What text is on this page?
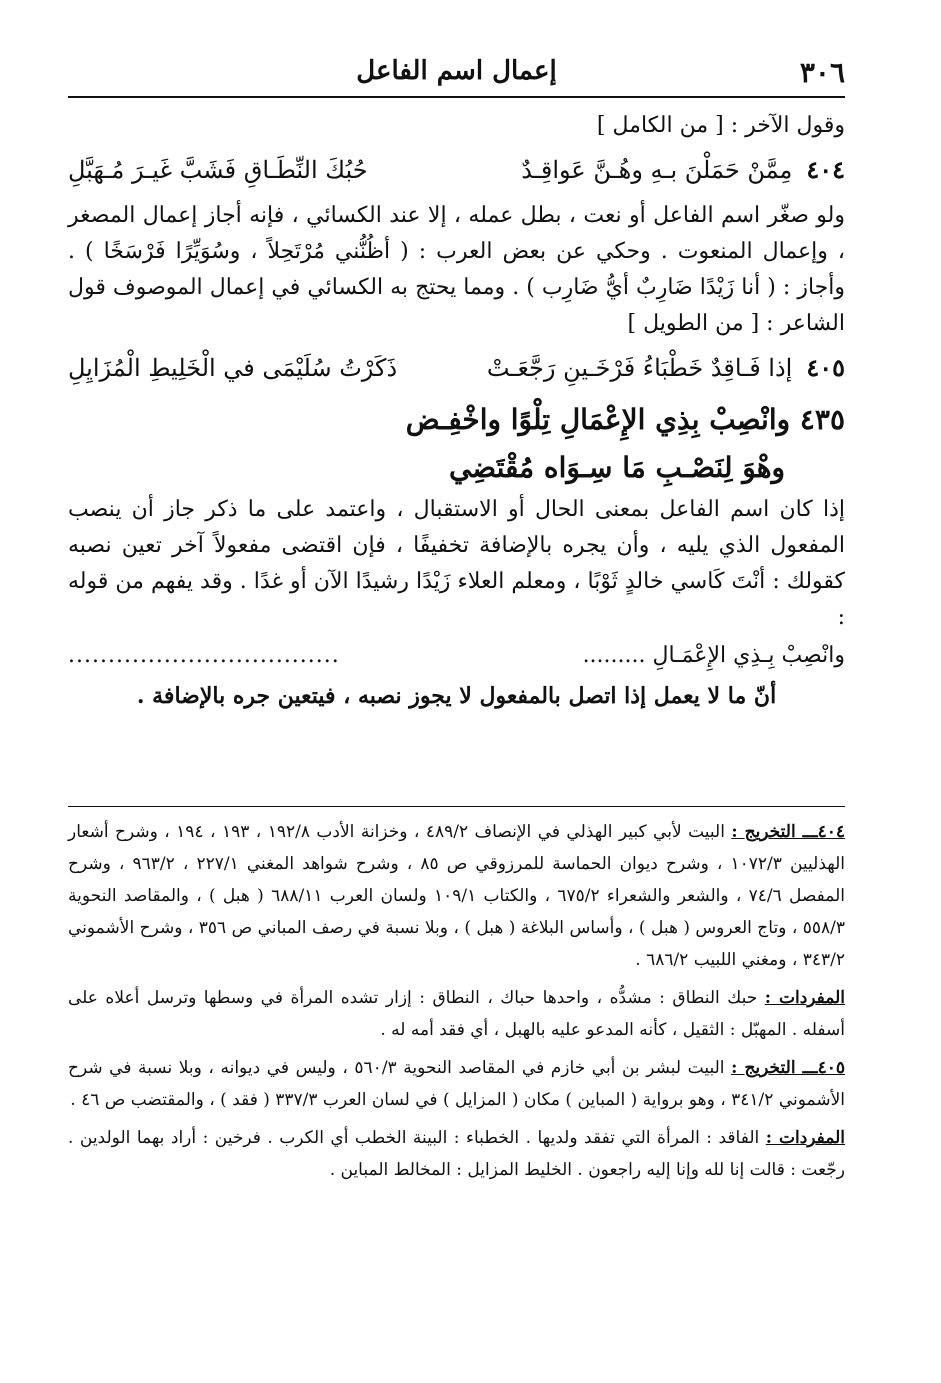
٣٠٦
إعمال اسم الفاعل

وقول الآخر : [ من الكامل ]

٤٠٤
مِمَّنْ حَمَلْنَ بـهِ وهُـنَّ عَواقِـدٌ
حُبُكَ النِّطَـاقِ فَشَبَّ غَيـرَ مُـهَبَّلِ

ولو صغّر اسم الفاعل أو نعت ، بطل عمله ، إلا عند الكسائي ، فإنه أجاز إعمال المصغر ، وإعمال المنعوت . وحكي عن بعض العرب : ( أظُنُّني مُرْتَحِلاً ، وسُوَيِّرًا فَرْسَخًا ) . وأجاز : ( أنا زَيْدًا ضَارِبٌ أيُّ ضَارِب ) . ومما يحتج به الكسائي في إعمال الموصوف قول الشاعر : [ من الطويل ]

٤٠٥
إذا فَـاقِدٌ خَطْبَاءُ فَرْخَـينِ رَجَّعَـتْ
ذَكَرْتُ سُلَيْمَى في الْخَلِيطِ الْمُزَايِلِ

٤٣٥ وانْصِبْ بِذِي الإِعْمَالِ تِلْوًا واخْفِـض

وهْوَ لِنَصْـبِ مَا سِـوَاه مُقْتَضِي

إذا كان اسم الفاعل بمعنى الحال أو الاستقبال ، واعتمد على ما ذكر جاز أن ينصب المفعول الذي يليه ، وأن يجره بالإضافة تخفيفًا ، فإن اقتضى مفعولاً آخر تعين نصبه كقولك : أنْتَ كَاسي خالدٍ ثَوْبًا ، ومعلم العلاء زَيْدًا رشيدًا الآن أو غدًا . وقد يفهم من قوله :

وانْصِبْ بِـذِي الإِعْمَـالِ .........
..................................

أنّ ما لا يعمل إذا اتصل بالمفعول لا يجوز نصبه ، فيتعين جره بالإضافة .

٤٠٤ـــ التخريج : البيت لأبي كبير الهذلي في الإنصاف ٤٨٩/٢ ، وخزانة الأدب ١٩٢/٨ ، ١٩٣ ، ١٩٤ ، وشرح أشعار الهذليين ١٠٧٢/٣ ، وشرح ديوان الحماسة للمرزوقي ص ٨٥ ، وشرح شواهد المغني ٢٢٧/١ ، ٩٦٣/٢ ، وشرح المفصل ٧٤/٦ ، والشعر والشعراء ٦٧٥/٢ ، والكتاب ١٠٩/١ ولسان العرب ٦٨٨/١١ ( هبل ) ، والمقاصد النحوية ٥٥٨/٣ ، وتاج العروس ( هبل ) ، وأساس البلاغة ( هبل ) ، وبلا نسبة في رصف المباني ص ٣٥٦ ، وشرح الأشموني ٣٤٣/٢ ، ومغني اللبيب ٦٨٦/٢ .

المفردات : حبك النطاق : مشدُّه ، واحدها حباك ، النطاق : إزار تشده المرأة في وسطها وترسل أعلاه على أسفله . المهبّل : الثقيل ، كأنه المدعو عليه بالهبل ، أي فقد أمه له .

٤٠٥ـــ التخريج : البيت لبشر بن أبي خازم في المقاصد النحوية ٥٦٠/٣ ، وليس في ديوانه ، وبلا نسبة في شرح الأشموني ٣٤١/٢ ، وهو برواية ( المباين ) مكان ( المزايل ) في لسان العرب ٣٣٧/٣ ( فقد ) ، والمقتضب ص ٤٦ .

المفردات : الفاقد : المرأة التي تفقد ولديها . الخطباء : البينة الخطب أي الكرب . فرخين : أراد بهما الولدين . رجّعت : قالت إنا لله وإنا إليه راجعون . الخليط المزايل : المخالط المباين .
